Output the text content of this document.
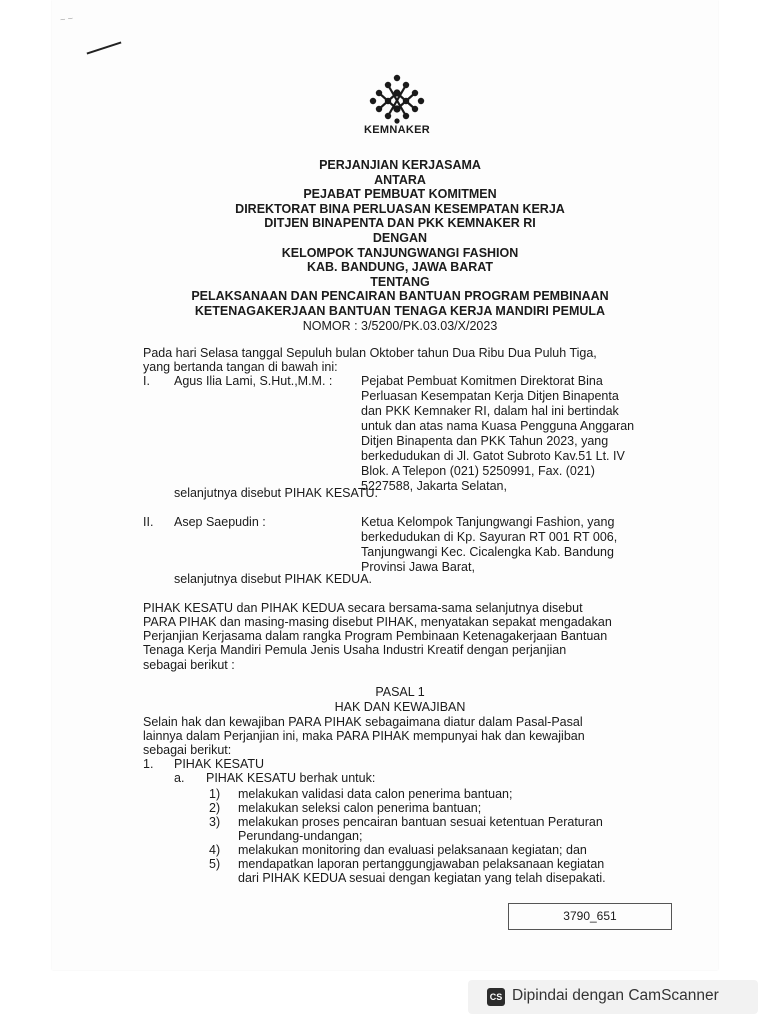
~ ~
KEMNAKER
PERJANJIAN KERJASAMA
ANTARA
PEJABAT PEMBUAT KOMITMEN
DIREKTORAT BINA PERLUASAN KESEMPATAN KERJA
DITJEN BINAPENTA DAN PKK KEMNAKER RI
DENGAN
KELOMPOK TANJUNGWANGI FASHION
KAB. BANDUNG, JAWA BARAT
TENTANG
PELAKSANAAN DAN PENCAIRAN BANTUAN PROGRAM PEMBINAAN
KETENAGAKERJAAN BANTUAN TENAGA KERJA MANDIRI PEMULA
NOMOR : 3/5200/PK.03.03/X/2023
Pada hari Selasa tanggal Sepuluh bulan Oktober tahun Dua Ribu Dua Puluh Tiga,
yang bertanda tangan di bawah ini:
I. Agus Ilia Lami, S.Hut.,M.M. : Pejabat Pembuat Komitmen Direktorat Bina
Perluasan Kesempatan Kerja Ditjen Binapenta
dan PKK Kemnaker RI, dalam hal ini bertindak
untuk dan atas nama Kuasa Pengguna Anggaran
Ditjen Binapenta dan PKK Tahun 2023, yang
berkedudukan di Jl. Gatot Subroto Kav.51 Lt. IV
Blok. A Telepon (021) 5250991, Fax. (021)
5227588, Jakarta Selatan,
selanjutnya disebut PIHAK KESATU.
II. Asep Saepudin :	Ketua Kelompok Tanjungwangi Fashion, yang
berkedudukan di Kp. Sayuran RT 001 RT 006,
Tanjungwangi Kec. Cicalengka Kab. Bandung
Provinsi Jawa Barat,
selanjutnya disebut PIHAK KEDUA.
PIHAK KESATU dan PIHAK KEDUA secara bersama-sama selanjutnya disebut
PARA PIHAK dan masing-masing disebut PIHAK, menyatakan sepakat mengadakan
Perjanjian Kerjasama dalam rangka Program Pembinaan Ketenagakerjaan Bantuan
Tenaga Kerja Mandiri Pemula Jenis Usaha Industri Kreatif dengan perjanjian
sebagai berikut :
PASAL 1
HAK DAN KEWAJIBAN
Selain hak dan kewajiban PARA PIHAK sebagaimana diatur dalam Pasal-Pasal
lainnya dalam Perjanjian ini, maka PARA PIHAK mempunyai hak dan kewajiban
sebagai berikut:
1. PIHAK KESATU
a. PIHAK KESATU berhak untuk:
1) melakukan validasi data calon penerima bantuan;
2) melakukan seleksi calon penerima bantuan;
3) melakukan proses pencairan bantuan sesuai ketentuan Peraturan
Perundang-undangan;
4) melakukan monitoring dan evaluasi pelaksanaan kegiatan; dan
5) mendapatkan laporan pertanggungjawaban pelaksanaan kegiatan
dari PIHAK KEDUA sesuai dengan kegiatan yang telah disepakati.
3790_651
CS Dipindai dengan CamScanner
